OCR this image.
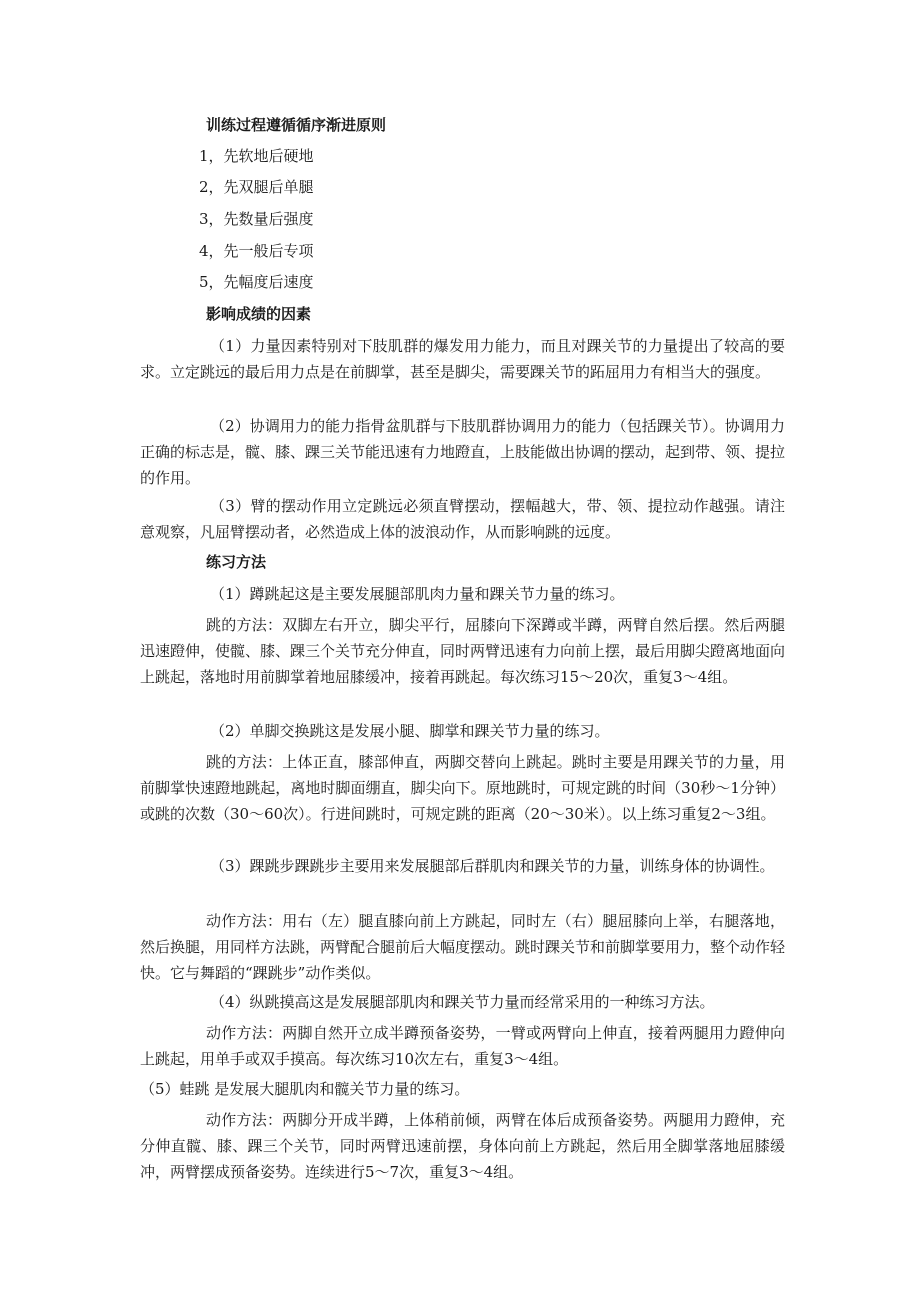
训练过程遵循循序渐进原则
1，先软地后硬地
2，先双腿后单腿
3，先数量后强度
4，先一般后专项
5，先幅度后速度
影响成绩的因素
（1）力量因素特别对下肢肌群的爆发用力能力，而且对踝关节的力量提出了较高的要求。立定跳远的最后用力点是在前脚掌，甚至是脚尖，需要踝关节的跖屈用力有相当大的强度。
（2）协调用力的能力指骨盆肌群与下肢肌群协调用力的能力（包括踝关节）。协调用力正确的标志是，髋、膝、踝三关节能迅速有力地蹬直，上肢能做出协调的摆动，起到带、领、提拉的作用。
（3）臂的摆动作用立定跳远必须直臂摆动，摆幅越大，带、领、提拉动作越强。请注意观察，凡屈臂摆动者，必然造成上体的波浪动作，从而影响跳的远度。
练习方法
（1）蹲跳起这是主要发展腿部肌肉力量和踝关节力量的练习。
跳的方法：双脚左右开立，脚尖平行，屈膝向下深蹲或半蹲，两臂自然后摆。然后两腿迅速蹬伸，使髋、膝、踝三个关节充分伸直，同时两臂迅速有力向前上摆，最后用脚尖蹬离地面向上跳起，落地时用前脚掌着地屈膝缓冲，接着再跳起。每次练习15～20次，重复3～4组。
（2）单脚交换跳这是发展小腿、脚掌和踝关节力量的练习。
跳的方法：上体正直，膝部伸直，两脚交替向上跳起。跳时主要是用踝关节的力量，用前脚掌快速蹬地跳起，离地时脚面绷直，脚尖向下。原地跳时，可规定跳的时间（30秒～1分钟）或跳的次数（30～60次）。行进间跳时，可规定跳的距离（20～30米）。以上练习重复2～3组。
（3）踝跳步踝跳步主要用来发展腿部后群肌肉和踝关节的力量，训练身体的协调性。
动作方法：用右（左）腿直膝向前上方跳起，同时左（右）腿屈膝向上举，右腿落地，然后换腿，用同样方法跳，两臂配合腿前后大幅度摆动。跳时踝关节和前脚掌要用力，整个动作轻快。它与舞蹈的“踝跳步”动作类似。
（4）纵跳摸高这是发展腿部肌肉和踝关节力量而经常采用的一种练习方法。
动作方法：两脚自然开立成半蹲预备姿势，一臂或两臂向上伸直，接着两腿用力蹬伸向上跳起，用单手或双手摸高。每次练习10次左右，重复3～4组。
（5）蛙跳 是发展大腿肌肉和髋关节力量的练习。
动作方法：两脚分开成半蹲，上体稍前倾，两臂在体后成预备姿势。两腿用力蹬伸，充分伸直髋、膝、踝三个关节，同时两臂迅速前摆，身体向前上方跳起，然后用全脚掌落地屈膝缓冲，两臂摆成预备姿势。连续进行5～7次，重复3～4组。
